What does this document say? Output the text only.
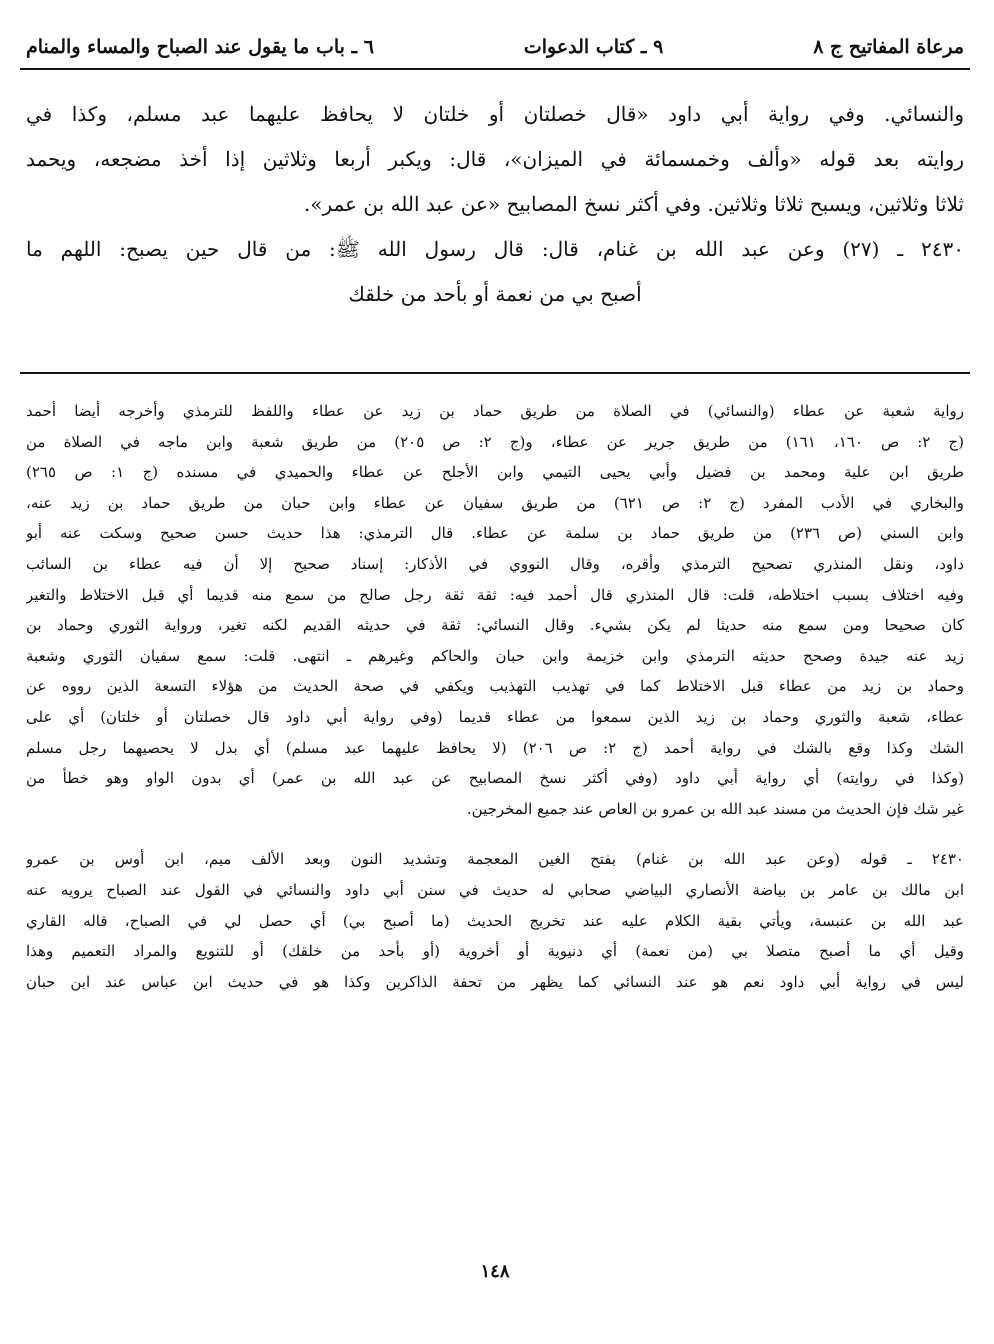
مرعاة المفاتيح ج ٨
٩ ـ كتاب الدعوات
٦ ـ باب ما يقول عند الصباح والمساء والمنام
والنسائي. وفي رواية أبي داود «قال خصلتان أو خلتان لا يحافظ عليهما عبد مسلم، وكذا في
روايته بعد قوله «وألف وخمسمائة في الميزان»، قال: ويكبر أربعا وثلاثين إذا أخذ مضجعه، ويحمد
ثلاثا وثلاثين، ويسبح ثلاثا وثلاثين. وفي أكثر نسخ المصابيح «عن عبد الله بن عمر».
٢٤٣٠ ـ (٢٧) وعن عبد الله بن غنام، قال: قال رسول الله ﷺ: من قال حين يصبح: اللهم ما
أصبح بي من نعمة أو بأحد من خلقك
رواية شعبة عن عطاء (والنسائي) في الصلاة من طريق حماد بن زيد عن عطاء واللفظ للترمذي وأخرجه أيضا أحمد
(ج ٢: ص ١٦٠، ١٦١) من طريق جرير عن عطاء، و(ج ٢: ص ٢٠٥) من طريق شعبة وابن ماجه في الصلاة من
طريق ابن علية ومحمد بن فضيل وأبي يحيى التيمي وابن الأجلح عن عطاء والحميدي في مسنده (ج ١: ص ٢٦٥)
والبخاري في الأدب المفرد (ج ٢: ص ٦٢١) من طريق سفيان عن عطاء وابن حبان من طريق حماد بن زيد عنه،
وابن السني (ص ٢٣٦) من طريق حماد بن سلمة عن عطاء. قال الترمذي: هذا حديث حسن صحيح وسكت عنه أبو
داود، ونقل المنذري تصحيح الترمذي وأقره، وقال النووي في الأذكار: إسناد صحيح إلا أن فيه عطاء بن السائب
وفيه اختلاف بسبب اختلاطه، قلت: قال المنذري قال أحمد فيه: ثقة ثقة رجل صالح من سمع منه قديما أي قبل الاختلاط والتغير
كان صحيحا ومن سمع منه حديثا لم يكن بشيء. وقال النسائي: ثقة في حديثه القديم لكنه تغير، ورواية الثوري وحماد بن
زيد عنه جيدة وصحح حديثه الترمذي وابن خزيمة وابن حبان والحاكم وغيرهم ـ انتهى. قلت: سمع سفيان الثوري وشعبة
وحماد بن زيد من عطاء قبل الاختلاط كما في تهذيب التهذيب ويكفي في صحة الحديث من هؤلاء التسعة الذين رووه عن
عطاء، شعبة والثوري وحماد بن زيد الذين سمعوا من عطاء قديما (وفي رواية أبي داود قال خصلتان أو خلتان) أي على
الشك وكذا وقع بالشك في رواية أحمد (ج ٢: ص ٢٠٦) (لا يحافظ عليهما عبد مسلم) أي بدل لا يحصيهما رجل مسلم
(وكذا في روايته) أي رواية أبي داود (وفي أكثر نسخ المصابيح عن عبد الله بن عمر) أي بدون الواو وهو خطأ من
غير شك فإن الحديث من مسند عبد الله بن عمرو بن العاص عند جميع المخرجين.
٢٤٣٠ ـ قوله (وعن عبد الله بن غنام) بفتح الغين المعجمة وتشديد النون وبعد الألف ميم، ابن أوس بن عمرو
ابن مالك بن عامر بن بياضة الأنصاري البياضي صحابي له حديث في سنن أبي داود والنسائي في القول عند الصباح يرويه عنه
عبد الله بن عنبسة، ويأتي بقية الكلام عليه عند تخريج الحديث (ما أصبح بي) أي حصل لي في الصباح، قاله القاري
وقيل أي ما أصبح متصلا بي (من نعمة) أي دنيوية أو أخروية (أو بأحد من خلقك) أو للتنويع والمراد التعميم وهذا
ليس في رواية أبي داود نعم هو عند النسائي كما يظهر من تحفة الذاكرين وكذا هو في حديث ابن عباس عند ابن حبان
١٤٨
